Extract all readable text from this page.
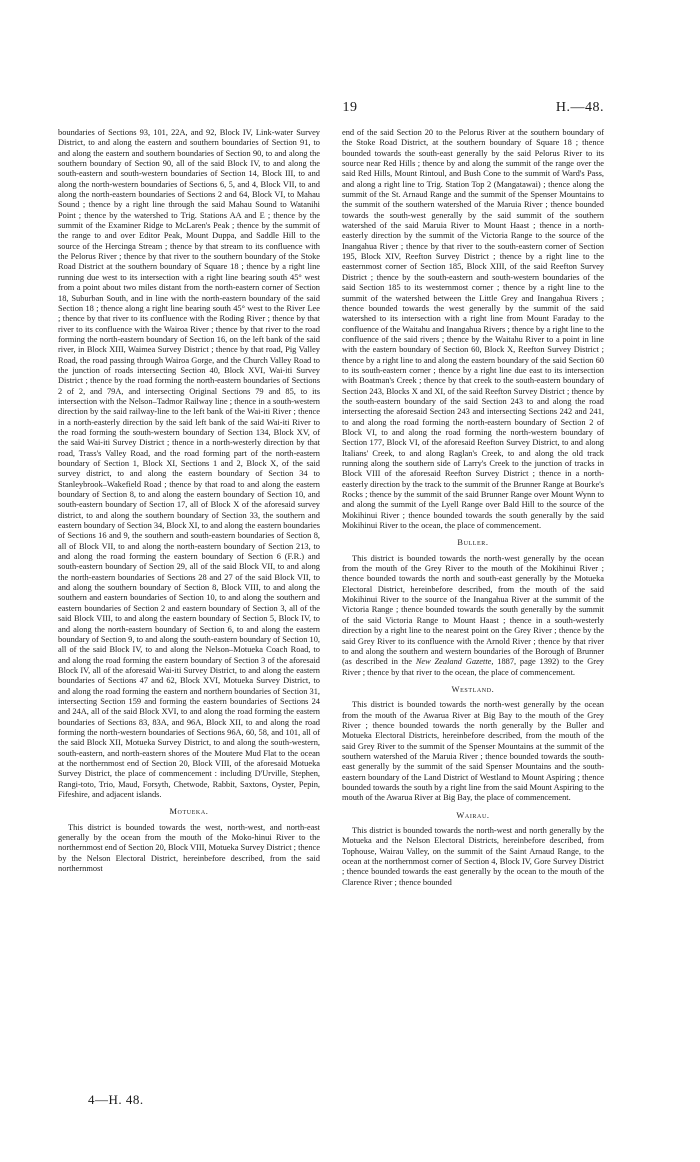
19	H.—48.

boundaries of Sections 93, 101, 22A, and 92, Block IV, Link-water Survey District, to and along the eastern and southern boundaries of Section 91, to and along the eastern and southern boundaries of Section 90, to and along the southern boundary of Section 90, all of the said Block IV, to and along the south-eastern and south-western boundaries of Section 14, Block III, to and along the north-western boundaries of Sections 6, 5, and 4, Block VII, to and along the north-eastern boundaries of Sections 2 and 64, Block VI, to Mahau Sound ; thence by a right line through the said Mahau Sound to Watanihi Point ; thence by the watershed to Trig. Stations AA and E ; thence by the summit of the Examiner Ridge to McLaren's Peak ; thence by the summit of the range to and over Editor Peak, Mount Duppa, and Saddle Hill to the source of the Hercinga Stream ; thence by that stream to its confluence with the Pelorus River ; thence by that river to the southern boundary of the Stoke Road District at the southern boundary of Square 18 ; thence by a right line running due west to its intersection with a right line bearing south 45° west from a point about two miles distant from the north-eastern corner of Section 18, Suburban South, and in line with the north-eastern boundary of the said Section 18 ; thence along a right line bearing south 45° west to the River Lee ; thence by that river to its confluence with the Roding River ; thence by that river to its confluence with the Wairoa River ; thence by that river to the road forming the north-eastern boundary of Section 16, on the left bank of the said river, in Block XIII, Waimea Survey District ; thence by that road, Pig Valley Road, the road passing through Wairoa Gorge, and the Church Valley Road to the junction of roads intersecting Section 40, Block XVI, Wai-iti Survey District ; thence by the road forming the north-eastern boundaries of Sections 2 of 2, and 79A, and intersecting Original Sections 79 and 85, to its intersection with the Nelson–Tadmor Railway line ; thence in a south-western direction by the said railway-line to the left bank of the Wai-iti River ; thence in a north-easterly direction by the said left bank of the said Wai-iti River to the road forming the south-western boundary of Section 134, Block XV, of the said Wai-iti Survey District ; thence in a north-westerly direction by that road, Trass's Valley Road, and the road forming part of the north-eastern boundary of Section 1, Block XI, Sections 1 and 2, Block X, of the said survey district, to and along the eastern boundary of Section 34 to Stanleybrook–Wakefield Road ; thence by that road to and along the eastern boundary of Section 8, to and along the eastern boundary of Section 10, and south-eastern boundary of Section 17, all of Block X of the aforesaid survey district, to and along the southern boundary of Section 33, the southern and eastern boundary of Section 34, Block XI, to and along the eastern boundaries of Sections 16 and 9, the southern and south-eastern boundaries of Section 8, all of Block VII, to and along the north-eastern boundary of Section 213, to and along the road forming the eastern boundary of Section 6 (F.R.) and south-eastern boundary of Section 29, all of the said Block VII, to and along the north-eastern boundaries of Sections 28 and 27 of the said Block VII, to and along the southern boundary of Section 8, Block VIII, to and along the southern and eastern boundaries of Section 10, to and along the southern and eastern boundaries of Section 2 and eastern boundary of Section 3, all of the said Block VIII, to and along the eastern boundary of Section 5, Block IV, to and along the north-eastern boundary of Section 6, to and along the eastern boundary of Section 9, to and along the south-eastern boundary of Section 10, all of the said Block IV, to and along the Nelson–Motueka Coach Road, to and along the road forming the eastern boundary of Section 3 of the aforesaid Block IV, all of the aforesaid Wai-iti Survey District, to and along the eastern boundaries of Sections 47 and 62, Block XVI, Motueka Survey District, to and along the road forming the eastern and northern boundaries of Section 31, intersecting Section 159 and forming the eastern boundaries of Sections 24 and 24A, all of the said Block XVI, to and along the road forming the eastern boundaries of Sections 83, 83A, and 96A, Block XII, to and along the road forming the north-western boundaries of Sections 96A, 60, 58, and 101, all of the said Block XII, Motueka Survey District, to and along the south-western, south-eastern, and north-eastern shores of the Moutere Mud Flat to the ocean at the northernmost end of Section 20, Block VIII, of the aforesaid Motueka Survey District, the place of commencement : including D'Urville, Stephen, Rangi-toto, Trio, Maud, Forsyth, Chetwode, Rabbit, Saxtons, Oyster, Pepin, Fifeshire, and adjacent islands.

Motueka.

This district is bounded towards the west, north-west, and north-east generally by the ocean from the mouth of the Moko-hinui River to the northernmost end of Section 20, Block VIII, Motueka Survey District ; thence by the Nelson Electoral District, hereinbefore described, from the said northernmost

end of the said Section 20 to the Pelorus River at the southern boundary of the Stoke Road District, at the southern boundary of Square 18 ; thence bounded towards the south-east generally by the said Pelorus River to its source near Red Hills ; thence by and along the summit of the range over the said Red Hills, Mount Rintoul, and Bush Cone to the summit of Ward's Pass, and along a right line to Trig. Station Top 2 (Mangatawai) ; thence along the summit of the St. Arnaud Range and the summit of the Spenser Mountains to the summit of the southern watershed of the Maruia River ; thence bounded towards the south-west generally by the said summit of the southern watershed of the said Maruia River to Mount Haast ; thence in a north-easterly direction by the summit of the Victoria Range to the source of the Inangahua River ; thence by that river to the south-eastern corner of Section 195, Block XIV, Reefton Survey District ; thence by a right line to the easternmost corner of Section 185, Block XIII, of the said Reefton Survey District ; thence by the south-eastern and south-western boundaries of the said Section 185 to its westernmost corner ; thence by a right line to the summit of the watershed between the Little Grey and Inangahua Rivers ; thence bounded towards the west generally by the summit of the said watershed to its intersection with a right line from Mount Faraday to the confluence of the Waitahu and Inangahua Rivers ; thence by a right line to the confluence of the said rivers ; thence by the Waitahu River to a point in line with the eastern boundary of Section 60, Block X, Reefton Survey District ; thence by a right line to and along the eastern boundary of the said Section 60 to its south-eastern corner ; thence by a right line due east to its intersection with Boatman's Creek ; thence by that creek to the south-eastern boundary of Section 243, Blocks X and XI, of the said Reefton Survey District ; thence by the south-eastern boundary of the said Section 243 to and along the road intersecting the aforesaid Section 243 and intersecting Sections 242 and 241, to and along the road forming the north-eastern boundary of Section 2 of Block VI, to and along the road forming the north-western boundary of Section 177, Block VI, of the aforesaid Reefton Survey District, to and along Italians' Creek, to and along Raglan's Creek, to and along the old track running along the southern side of Larry's Creek to the junction of tracks in Block VIII of the aforesaid Reefton Survey District ; thence in a north-easterly direction by the track to the summit of the Brunner Range at Bourke's Rocks ; thence by the summit of the said Brunner Range over Mount Wynn to and along the summit of the Lyell Range over Bald Hill to the source of the Mokihinui River ; thence bounded towards the south generally by the said Mokihinui River to the ocean, the place of commencement.

Buller.

This district is bounded towards the north-west generally by the ocean from the mouth of the Grey River to the mouth of the Mokihinui River ; thence bounded towards the north and south-east generally by the Motueka Electoral District, hereinbefore described, from the mouth of the said Mokihinui River to the source of the Inangahua River at the summit of the Victoria Range ; thence bounded towards the south generally by the summit of the said Victoria Range to Mount Haast ; thence in a south-westerly direction by a right line to the nearest point on the Grey River ; thence by the said Grey River to its confluence with the Arnold River ; thence by that river to and along the southern and western boundaries of the Borough of Brunner (as described in the New Zealand Gazette, 1887, page 1392) to the Grey River ; thence by that river to the ocean, the place of commencement.

Westland.

This district is bounded towards the north-west generally by the ocean from the mouth of the Awarua River at Big Bay to the mouth of the Grey River ; thence bounded towards the north generally by the Buller and Motueka Electoral Districts, hereinbefore described, from the mouth of the said Grey River to the summit of the Spenser Mountains at the summit of the southern watershed of the Maruia River ; thence bounded towards the south-east generally by the summit of the said Spenser Mountains and the south-eastern boundary of the Land District of Westland to Mount Aspiring ; thence bounded towards the south by a right line from the said Mount Aspiring to the mouth of the Awarua River at Big Bay, the place of commencement.

Wairau.

This district is bounded towards the north-west and north generally by the Motueka and the Nelson Electoral Districts, hereinbefore described, from Tophouse, Wairau Valley, on the summit of the Saint Arnaud Range, to the ocean at the northernmost corner of Section 4, Block IV, Gore Survey District ; thence bounded towards the east generally by the ocean to the mouth of the Clarence River ; thence bounded

4—H. 48.
